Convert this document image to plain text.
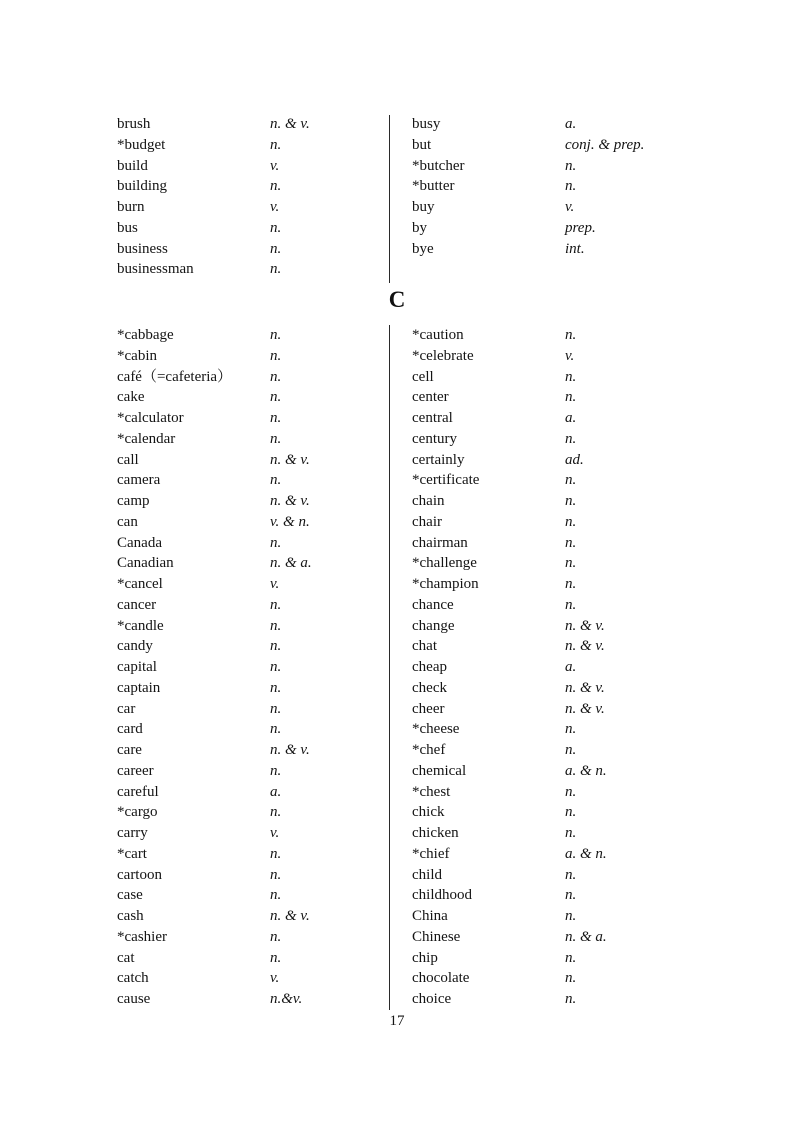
brush	n. & v.
*budget	n.
build	v.
building	n.
burn	v.
bus	n.
business	n.
businessman	n.
busy	a.
but	conj. & prep.
*butcher	n.
*butter	n.
buy	v.
by	prep.
bye	int.
C
*cabbage	n.
*cabin	n.
café（=cafeteria）	n.
cake	n.
*calculator	n.
*calendar	n.
call	n. & v.
camera	n.
camp	n. & v.
can	v. & n.
Canada	n.
Canadian	n. & a.
*cancel	v.
cancer	n.
*candle	n.
candy	n.
capital	n.
captain	n.
car	n.
card	n.
care	n. & v.
career	n.
careful	a.
*cargo	n.
carry	v.
*cart	n.
cartoon	n.
case	n.
cash	n. & v.
*cashier	n.
cat	n.
catch	v.
cause	n.&v.
*caution	n.
*celebrate	v.
cell	n.
center	n.
central	a.
century	n.
certainly	ad.
*certificate	n.
chain	n.
chair	n.
chairman	n.
*challenge	n.
*champion	n.
chance	n.
change	n. & v.
chat	n. & v.
cheap	a.
check	n. & v.
cheer	n. & v.
*cheese	n.
*chef	n.
chemical	a. & n.
*chest	n.
chick	n.
chicken	n.
*chief	a. & n.
child	n.
childhood	n.
China	n.
Chinese	n. & a.
chip	n.
chocolate	n.
choice	n.
17
